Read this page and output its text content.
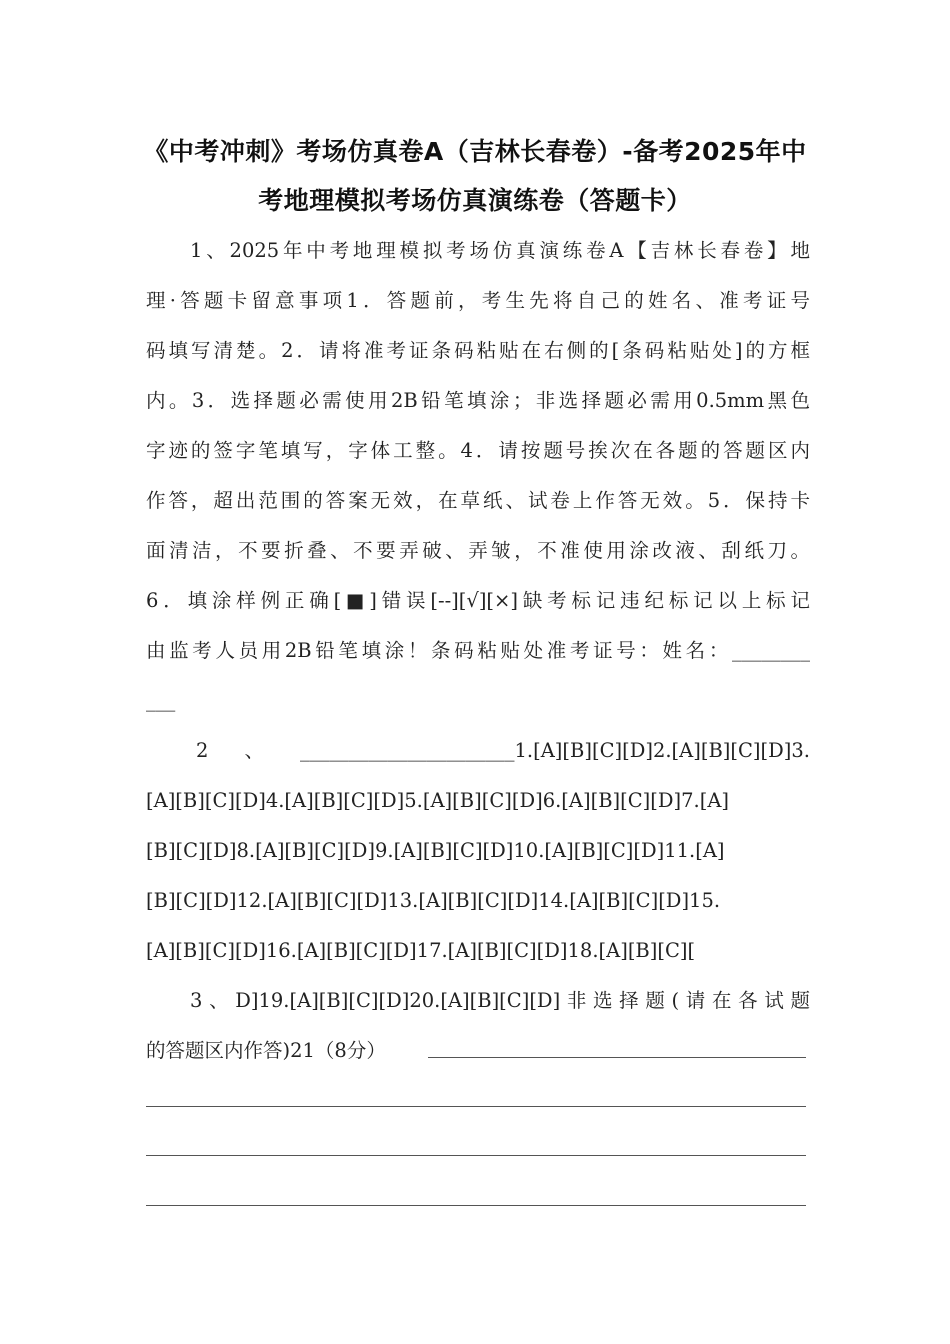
《中考冲刺》考场仿真卷A（吉林长春卷）-备考2025年中
考地理模拟考场仿真演练卷（答题卡）
1、2025年中考地理模拟考场仿真演练卷A【吉林长春卷】地
理·答题卡留意事项1．答题前，考生先将自己的姓名、准考证号
码填写清楚。2．请将准考证条码粘贴在右侧的[条码粘贴处]的方框
内。3．选择题必需使用2B铅笔填涂；非选择题必需用0.5mm黑色
字迹的签字笔填写，字体工整。4．请按题号挨次在各题的答题区内
作答，超出范围的答案无效，在草纸、试卷上作答无效。5．保持卡
面清洁，不要折叠、不要弄破、弄皱，不准使用涂改液、刮纸刀。
6．填涂样例正确[■]错误[--][√][×]缺考标记违纪标记以上标记
由监考人员用2B铅笔填涂！条码粘贴处准考证号：姓名：________
___
2、______________________1.[A][B][C][D]2.[A][B][C][D]3.
[A][B][C][D]4.[A][B][C][D]5.[A][B][C][D]6.[A][B][C][D]7.[A]
[B][C][D]8.[A][B][C][D]9.[A][B][C][D]10.[A][B][C][D]11.[A]
[B][C][D]12.[A][B][C][D]13.[A][B][C][D]14.[A][B][C][D]15.
[A][B][C][D]16.[A][B][C][D]17.[A][B][C][D]18.[A][B][C][
3、D]19.[A][B][C][D]20.[A][B][C][D]非选择题(请在各试题
的答题区内作答)21（8分）
